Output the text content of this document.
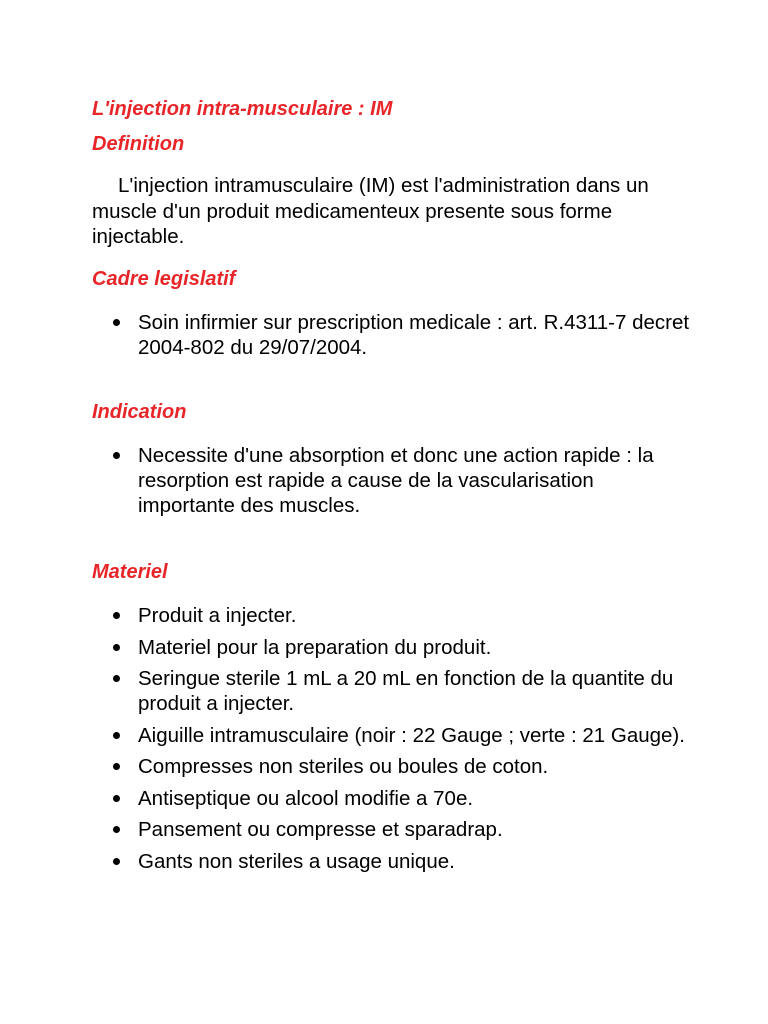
L'injection intra-musculaire : IM
Definition

L'injection intramusculaire (IM) est l'administration dans un muscle d'un produit medicamenteux presente sous forme injectable.

Cadre legislatif
Soin infirmier sur prescription medicale : art. R.4311-7 decret 2004-802 du 29/07/2004.
Indication
Necessite d'une absorption et donc une action rapide : la resorption est rapide a cause de la vascularisation importante des muscles.
Materiel
Produit a injecter.
Materiel pour la preparation du produit.
Seringue sterile 1 mL a 20 mL en fonction de la quantite du produit a injecter.
Aiguille intramusculaire (noir : 22 Gauge ; verte : 21 Gauge).
Compresses non steriles ou boules de coton.
Antiseptique ou alcool modifie a 70e.
Pansement ou compresse et sparadrap.
Gants non steriles a usage unique.
